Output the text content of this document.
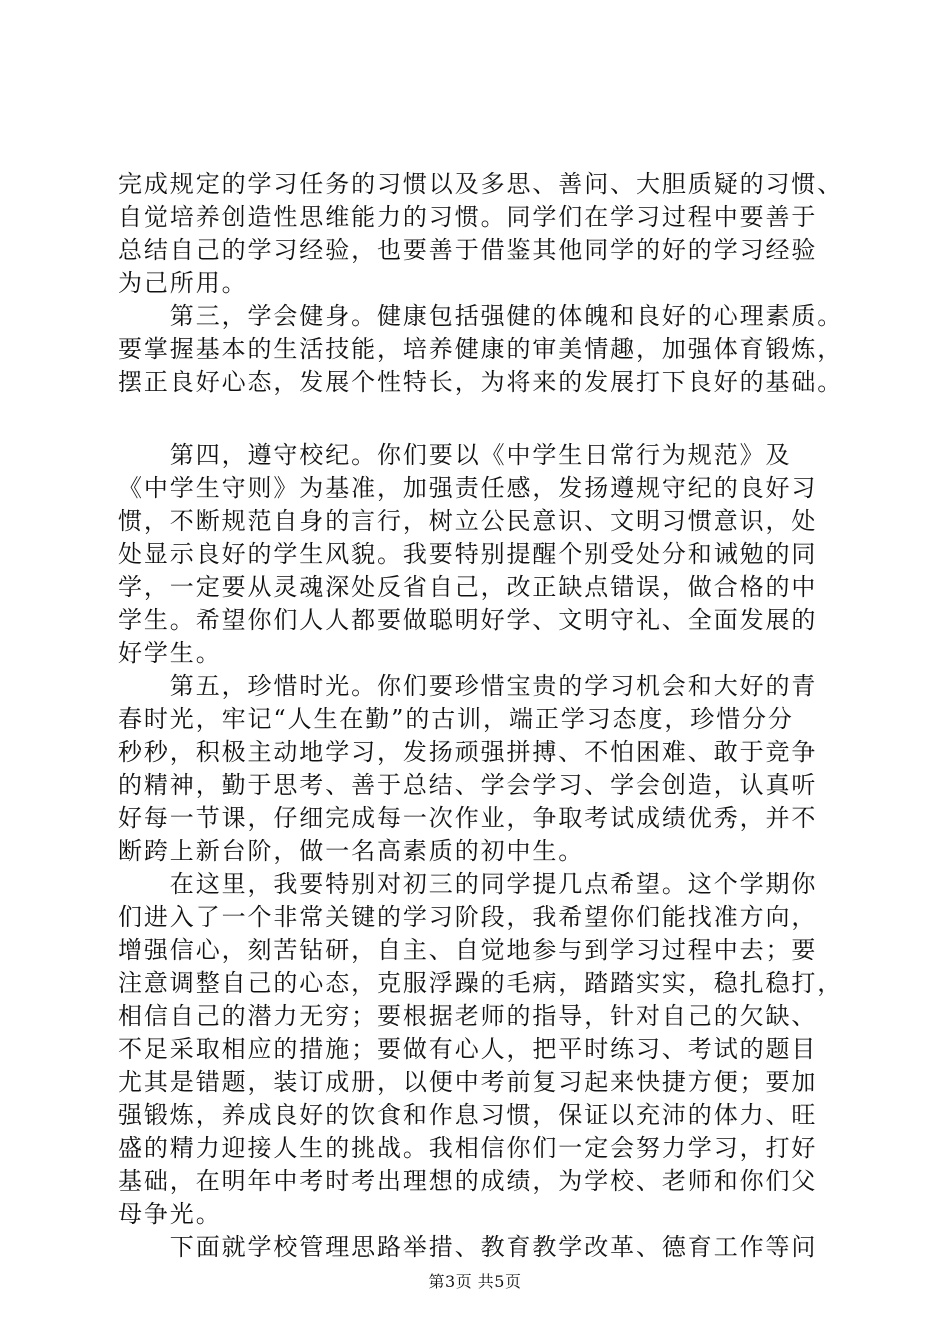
完成规定的学习任务的习惯以及多思、善问、大胆质疑的习惯、
自觉培养创造性思维能力的习惯。同学们在学习过程中要善于
总结自己的学习经验，也要善于借鉴其他同学的好的学习经验
为己所用。
　　第三，学会健身。健康包括强健的体魄和良好的心理素质。
要掌握基本的生活技能，培养健康的审美情趣，加强体育锻炼，
摆正良好心态，发展个性特长，为将来的发展打下良好的基础。
　　第四，遵守校纪。你们要以《中学生日常行为规范》及
《中学生守则》为基准，加强责任感，发扬遵规守纪的良好习
惯，不断规范自身的言行，树立公民意识、文明习惯意识，处
处显示良好的学生风貌。我要特别提醒个别受处分和诫勉的同
学，一定要从灵魂深处反省自己，改正缺点错误，做合格的中
学生。希望你们人人都要做聪明好学、文明守礼、全面发展的
好学生。
　　第五，珍惜时光。你们要珍惜宝贵的学习机会和大好的青
春时光，牢记“人生在勤”的古训，端正学习态度，珍惜分分
秒秒，积极主动地学习，发扬顽强拼搏、不怕困难、敢于竞争
的精神，勤于思考、善于总结、学会学习、学会创造，认真听
好每一节课，仔细完成每一次作业，争取考试成绩优秀，并不
断跨上新台阶，做一名高素质的初中生。
　　在这里，我要特别对初三的同学提几点希望。这个学期你
们进入了一个非常关键的学习阶段，我希望你们能找准方向，
增强信心，刻苦钻研，自主、自觉地参与到学习过程中去；要
注意调整自己的心态，克服浮躁的毛病，踏踏实实，稳扎稳打，
相信自己的潜力无穷；要根据老师的指导，针对自己的欠缺、
不足采取相应的措施；要做有心人，把平时练习、考试的题目
尤其是错题，装订成册，以便中考前复习起来快捷方便；要加
强锻炼，养成良好的饮食和作息习惯，保证以充沛的体力、旺
盛的精力迎接人生的挑战。我相信你们一定会努力学习，打好
基础，在明年中考时考出理想的成绩，为学校、老师和你们父
母争光。
　　下面就学校管理思路举措、教育教学改革、德育工作等问
第3页 共5页
